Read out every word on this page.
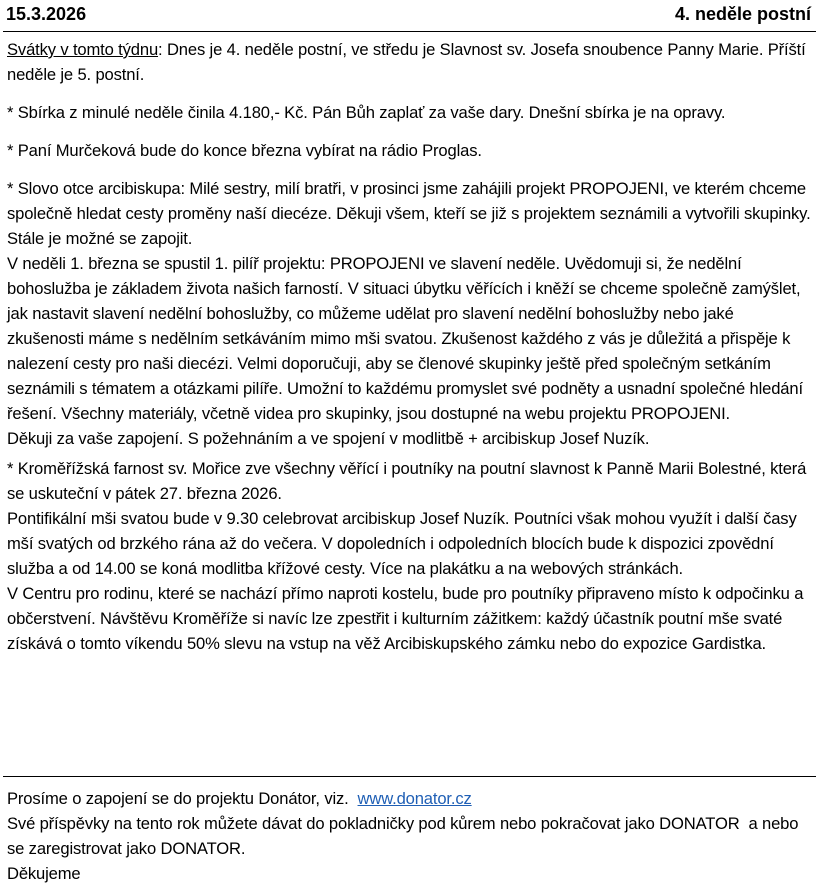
15.3.2026	4. neděle postní

Svátky v tomto týdnu: Dnes je 4. neděle postní, ve středu je Slavnost sv. Josefa snoubence Panny Marie. Příští neděle je 5. postní.

* Sbírka z minulé neděle činila 4.180,- Kč. Pán Bůh zaplať za vaše dary. Dnešní sbírka je na opravy.

* Paní Murčeková bude do konce března vybírat na rádio Proglas.

* Slovo otce arcibiskupa: Milé sestry, milí bratři, v prosinci jsme zahájili projekt PROPOJENI, ve kterém chceme společně hledat cesty proměny naší diecéze. Děkuji všem, kteří se již s projektem seznámili a vytvořili skupinky. Stále je možné se zapojit.

V neděli 1. března se spustil 1. pilíř projektu: PROPOJENI ve slavení neděle. Uvědomuji si, že nedělní bohoslužba je základem života našich farností. V situaci úbytku věřících i kněží se chceme společně zamýšlet, jak nastavit slavení nedělní bohoslužby, co můžeme udělat pro slavení nedělní bohoslužby nebo jaké zkušenosti máme s nedělním setkáváním mimo mši svatou. Zkušenost každého z vás je důležitá a přispěje k nalezení cesty pro naši diecézi. Velmi doporučuji, aby se členové skupinky ještě před společným setkáním seznámili s tématem a otázkami pilíře. Umožní to každému promyslet své podněty a usnadní společné hledání řešení. Všechny materiály, včetně videa pro skupinky, jsou dostupné na webu projektu PROPOJENI.

Děkuji za vaše zapojení. S požehnáním a ve spojení v modlitbě + arcibiskup Josef Nuzík.

* Kroměřížská farnost sv. Mořice zve všechny věřící i poutníky na poutní slavnost k Panně Marii Bolestné, která se uskuteční v pátek 27. března 2026.

Pontifikální mši svatou bude v 9.30 celebrovat arcibiskup Josef Nuzík. Poutníci však mohou využít i další časy mší svatých od brzkého rána až do večera. V dopoledních i odpoledních blocích bude k dispozici zpovědní služba a od 14.00 se koná modlitba křížové cesty. Více na plakátku a na webových stránkách.

V Centru pro rodinu, které se nachází přímo naproti kostelu, bude pro poutníky připraveno místo k odpočinku a občerstvení. Návštěvu Kroměříže si navíc lze zpestřit i kulturním zážitkem: každý účastník poutní mše svaté získává o tomto víkendu 50% slevu na vstup na věž Arcibiskupského zámku nebo do expozice Gardistka.

Prosíme o zapojení se do projektu Donátor, viz.  www.donator.cz

Své příspěvky na tento rok můžete dávat do pokladničky pod kůrem nebo pokračovat jako DONATOR  a nebo se zaregistrovat jako DONATOR.

Děkujeme
